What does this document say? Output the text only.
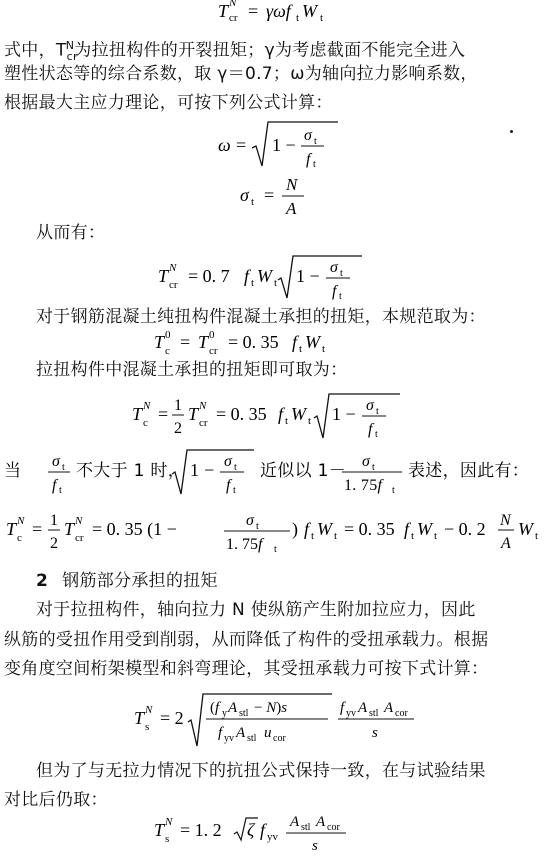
T cr
N = γωf t W t
式中，$T_{cr}^N$为拉扭构件的开裂扭矩；γ为考虑截面不能完全进入
塑性状态等的综合系数，取 γ＝0.7；ω为轴向拉力影响系数，
根据最大主应力理论，可按下列公式计算：
ω = 1 − σ t
f t
σ t =
N
A
从而有：
T cr
N = 0. 7 f t W t 1 − σ t
f t
对于钢筋混凝土纯扭构件混凝土承担的扭矩，本规范取为：
T c
0 = T cr
0 = 0. 35 f t W t
拉扭构件中混凝土承担的扭矩即可取为：
T c
N = 1
2
T cr
N = 0. 35 f t W t 1 − σ t
f t
当 σ t
f t
不大于 1 时， 1 − σ t
f t
近似以 1－ σ t
1. 75f t
表述，因此有：
T c
N = 1
2
T cr
N = 0. 35 (1 −	σ t
1. 75f t
) f t W t = 0. 35 f t W t − 0. 2 N
A
W t
2 钢筋部分承担的扭矩
对于拉扭构件，轴向拉力 N 使纵筋产生附加拉应力，因此
纵筋的受扭作用受到削弱，从而降低了构件的受扭承载力。根据
变角度空间桁架模型和斜弯理论，其受扭承载力可按下式计算：
T s
N = 2 (f y A stl − N)s
f yv A stl u cor
f yv A stl A cor
s
但为了与无拉力情况下的抗扭公式保持一致，在与试验结果
对比后仍取：
T s
N = 1. 2 ζ f yv
A stl A cor
s
